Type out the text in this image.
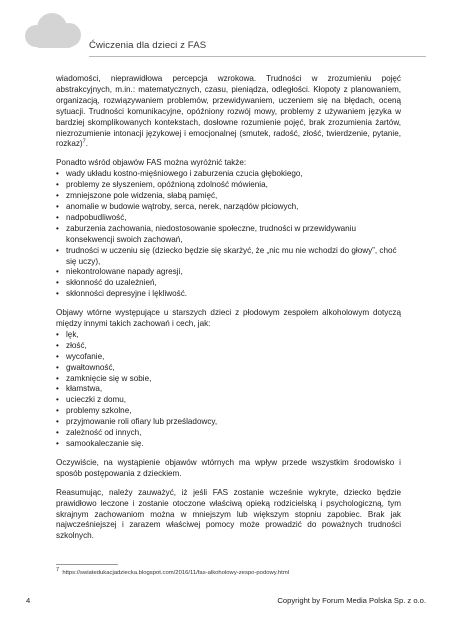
Ćwiczenia dla dzieci z FAS

wiadomości, nieprawidłowa percepcja wzrokowa. Trudności w zrozumieniu pojęć abstrakcyjnych, m.in.: matematycznych, czasu, pieniądza, odległości. Kłopoty z planowaniem, organizacją, rozwiązywaniem problemów, przewidywaniem, uczeniem się na błędach, oceną sytuacji. Trudności komunikacyjne, opóźniony rozwój mowy, problemy z używaniem języka w bardziej skomplikowanych kontekstach, dosłowne rozumienie pojęć, brak zrozumienia żartów, niezrozumienie intonacji językowej i emocjonalnej (smutek, radość, złość, twierdzenie, pytanie, rozkaz)$^7$.

Ponadto wśród objawów FAS można wyróżnić także:

• wady układu kostno-mięśniowego i zaburzenia czucia głębokiego,
• problemy ze słyszeniem, opóźnioną zdolność mówienia,
• zmniejszone pole widzenia, słabą pamięć,
• anomalie w budowie wątroby, serca, nerek, narządów płciowych,
• nadpobudliwość,
• zaburzenia zachowania, niedostosowanie społeczne, trudności w przewidywaniu konsekwencji swoich zachowań,
• trudności w uczeniu się (dziecko będzie się skarżyć, że „nic mu nie wchodzi do głowy”, choć się uczy),
• niekontrolowane napady agresji,
• skłonność do uzależnień,
• skłonności depresyjne i lękliwość.

Objawy wtórne występujące u starszych dzieci z płodowym zespołem alkoholowym dotyczą między innymi takich zachowań i cech, jak:

• lęk,
• złość,
• wycofanie,
• gwałtowność,
• zamknięcie się w sobie,
• kłamstwa,
• ucieczki z domu,
• problemy szkolne,
• przyjmowanie roli ofiary lub prześladowcy,
• zależność od innych,
• samookaleczanie się.

Oczywiście, na wystąpienie objawów wtórnych ma wpływ przede wszystkim środowisko i sposób postępowania z dzieckiem.

Reasumując, należy zauważyć, iż jeśli FAS zostanie wcześnie wykryte, dziecko będzie prawidłowo leczone i zostanie otoczone właściwą opieką rodzicielską i psychologiczną, tym skrajnym zachowaniom można w mniejszym lub większym stopniu zapobiec. Brak jak najwcześniejszej i zarazem właściwej pomocy może prowadzić do poważnych trudności szkolnych.

$^7$ https://swiatedukacjadziecka.blogspot.com/2016/11/fas-alkoholowy-zespo-podowy.html
4	Copyright by Forum Media Polska Sp. z o.o.
